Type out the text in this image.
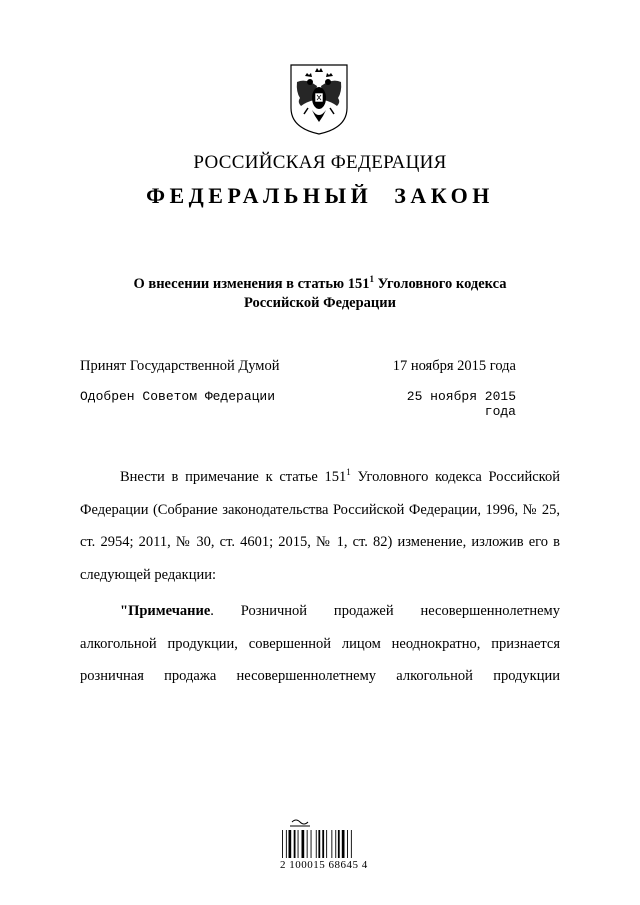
РОССИЙСКАЯ ФЕДЕРАЦИЯ
ФЕДЕРАЛЬНЫЙ ЗАКОН
О внесении изменения в статью $151^1$ Уголовного кодекса
Российской Федерации
Принят Государственной Думой	17 ноября 2015 года
Одобрен Советом Федерации	25 ноября 2015 года

Внести в примечание к статье $151^1$ Уголовного кодекса Российской Федерации (Собрание законодательства Российской Федерации, 1996, № 25, ст. 2954; 2011, № 30, ст. 4601; 2015, № 1, ст. 82) изменение, изложив его в следующей редакции:

"Примечание. Розничной продажей несовершеннолетнему алкогольной продукции, совершенной лицом неоднократно, признается розничная продажа несовершеннолетнему алкогольной продукции

2 100015 68645 4
